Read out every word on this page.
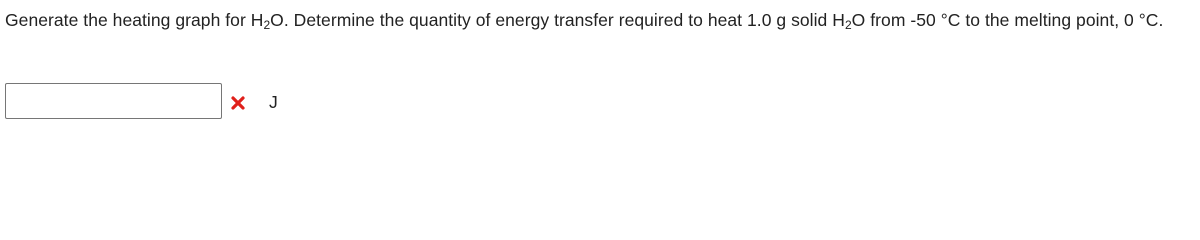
Generate the heating graph for $H_2O$. Determine the quantity of energy transfer required to heat 1.0 g solid $H_2O$ from -50 °C to the melting point, 0 °C.
J
